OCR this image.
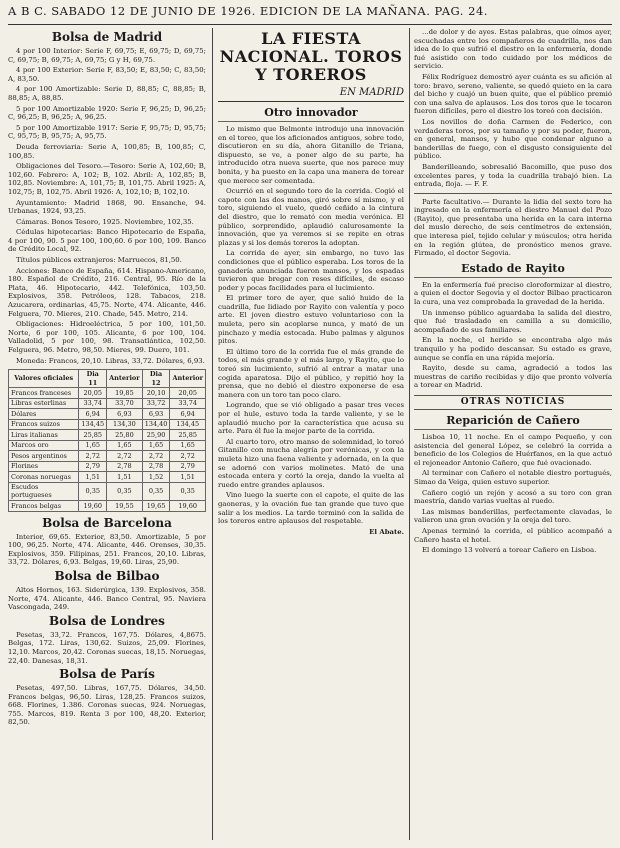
A B C. SABADO 12 DE JUNIO DE 1926. EDICION DE LA MAÑANA. PAG. 24.
Bolsa de Madrid
4 por 100 Interior: Serie F, 69,75; E, 69,75; D, 69,75; C, 69,75; B, 69,75; A, 69,75; G y H, 69,75.
4 por 100 Exterior: Serie F, 83,50; E, 83,50; C, 83,50; A, 83,50.
4 por 100 Amortizable: Serie D, 88,85; C, 88,85; B, 88,85; A, 88,85.
5 por 100 Amortizable 1920: Serie F, 96,25; D, 96,25; C, 96,25; B, 96,25; A, 96,25.
5 por 100 Amortizable 1917: Serie F, 95,75; D, 95,75; C, 95,75; B, 95,75; A, 95,75.
Deuda ferroviaria: Serie A, 100,85; B, 100,85; C, 100,85.
Obligaciones del Tesoro.—Tesoro: Serie A, 102,60; B, 102,60. Febrero: A, 102; B, 102. Abril: A, 102,85; B, 102,85. Noviembre: A, 101,75; B, 101,75. Abril 1925: A, 102,75; B, 102,75. Abril 1926: A, 102,10; B, 102,10.
Ayuntamiento: Madrid 1868, 90. Ensanche, 94. Urbanas, 1924, 93,25.
Cámaras. Bonos Tesoro, 1925. Noviembre, 102,35.
Cédulas hipotecarias: Banco Hipotecario de España, 4 por 100, 90. 5 por 100, 100,60. 6 por 100, 109. Banco de Crédito Local, 92.
Títulos públicos extranjeros: Marruecos, 81,50.
Acciones: Banco de España, 614. Hispano-Americano, 180. Español de Crédito, 216. Central, 95. Río de la Plata, 46. Hipotecario, 442. Telefónica, 103,50. Explosivos, 358. Petróleos, 128. Tabacos, 218. Azucarera, ordinarias, 45,75. Norte, 474. Alicante, 446. Felguera, 70. Mieres, 210. Chade, 545. Metro, 214.
Obligaciones: Hidroeléctrica, 5 por 100, 101,50. Norte, 6 por 100, 105. Alicante, 6 por 100, 104. Valladolid, 5 por 100, 98. Transatlántica, 102,50. Felguera, 96. Metro, 98,50. Mieres, 99. Duero, 101.
Moneda: Francos, 20,10. Libras, 33,72. Dólares, 6,93.
Valores oficiales	Dia 11	Anterior	Dia 12	Anterior
Francos franceses	20,05	19,85	20,10	20,05
Libras esterlinas	33,74	33,70	33,72	33,74
Dólares	6,94	6,93	6,93	6,94
Francos suizos	134,45	134,30	134,40	134,45
Liras italianas	25,85	25,80	25,90	25,85
Marcos oro	1,65	1,65	1,65	1,65
Pesos argentinos	2,72	2,72	2,72	2,72
Florines	2,79	2,78	2,78	2,79
Coronas noruegas	1,51	1,51	1,52	1,51
Escudos portugueses	0,35	0,35	0,35	0,35
Francos belgas	19,60	19,55	19,65	19,60
Bolsa de Barcelona
Interior, 69,65. Exterior, 83,50. Amortizable, 5 por 100, 96,25. Norte, 474. Alicante, 446. Orenses, 30,35. Explosivos, 359. Filipinas, 251. Francos, 20,10. Libras, 33,72. Dólares, 6,93. Belgas, 19,60. Liras, 25,90.
Bolsa de Bilbao
Altos Hornos, 163. Siderúrgica, 139. Explosivos, 358. Norte, 474. Alicante, 446. Banco Central, 95. Naviera Vascongada, 249.
Bolsa de Londres
Pesetas, 33,72. Francos, 167,75. Dólares, 4,8675. Belgas, 172. Liras, 130,62. Suizos, 25,09. Florines, 12,10. Marcos, 20,42. Coronas suecas, 18,15. Noruegas, 22,40. Danesas, 18,31.
Bolsa de París
Pesetas, 497,50. Libras, 167,75. Dólares, 34,50. Francos belgas, 96,50. Liras, 128,25. Francos suizos, 668. Florines, 1.386. Coronas suecas, 924. Noruegas, 755. Marcos, 819. Renta 3 por 100, 48,20. Exterior, 82,50.
LA FIESTA NACIONAL. TOROS Y TOREROS
EN MADRID
Otro innovador
Lo mismo que Belmonte introdujo una innovación en el toreo, que los aficionados antiguos, sobre todo, discutieron en su día, ahora Gitanillo de Triana, dispuesto, se ve, a poner algo de su parte, ha introducido otra nueva suerte, que nos parece muy bonita, y ha puesto en la capa una manera de torear que merece ser comentada.
Ocurrió en el segundo toro de la corrida. Cogió el capote con las dos manos, giró sobre sí mismo, y el toro, siguiendo el vuelo, quedó ceñido a la cintura del diestro, que lo remató con media verónica. El público, sorprendido, aplaudió calurosamente la innovación, que ya veremos si se repite en otras plazas y si los demás toreros la adoptan.
La corrida de ayer, sin embargo, no tuvo las condiciones que el público esperaba. Los toros de la ganadería anunciada fueron mansos, y los espadas tuvieron que bregar con reses difíciles, de escaso poder y pocas facilidades para el lucimiento.
El primer toro de ayer, que salió huido de la cuadrilla, fue lidiado por Rayito con valentía y poco arte. El joven diestro estuvo voluntarioso con la muleta, pero sin acoplarse nunca, y mató de un pinchazo y media estocada. Hubo palmas y algunos pitos.
El último toro de la corrida fue el más grande de todos, el más grande y el más largo, y Rayito, que lo toreó sin lucimiento, sufrió al entrar a matar una cogida aparatosa. Dijo el público, y repitió hoy la prensa, que no debió el diestro exponerse de esa manera con un toro tan poco claro.
Logrando, que se vió obligado a pasar tres veces por el hule, estuvo toda la tarde valiente, y se le aplaudió mucho por la característica que acusa su arte. Para él fue la mejor parte de la corrida.
Al cuarto toro, otro manso de solemnidad, lo toreó Gitanillo con mucha alegría por verónicas, y con la muleta hizo una faena valiente y adornada, en la que se adornó con varios molinetes. Mató de una estocada entera y cortó la oreja, dando la vuelta al ruedo entre grandes aplausos.
Vino luego la suerte con el capote, el quite de las gaoneras, y la ovación fue tan grande que tuvo que salir a los medios. La tarde terminó con la salida de los toreros entre aplausos del respetable.
El Abate.
...de dolor y de ayes. Estas palabras, que oímos ayer, escuchadas entre los compañeros de cuadrilla, nos dan idea de lo que sufrió el diestro en la enfermería, donde fué asistido con todo cuidado por los médicos de servicio.
Félix Rodríguez demostró ayer cuánta es su afición al toro: bravo, sereno, valiente, se quedó quieto en la cara del bicho y cuajó un buen quite, que el público premió con una salva de aplausos. Los dos toros que le tocaron fueron difíciles, pero el diestro los toreó con decisión.
Los novillos de doña Carmen de Federico, con verdaderas toros, por su tamaño y por su poder, fueron, en general, mansos, y hubo que condenar alguno a banderillas de fuego, con el disgusto consiguiente del público.
Banderilleando, sobresalió Bacomillo, que puso dos excelentes pares, y toda la cuadrilla trabajó bien. La entrada, floja. — F. F.
Parte facultativo.— Durante la lidia del sexto toro ha ingresado en la enfermería el diestro Manuel del Pozo (Rayito), que presentaba una herida en la cara interna del muslo derecho, de seis centímetros de extensión, que interesa piel, tejido celular y músculos; otra herida en la región glútea, de pronóstico menos grave. Firmado, el doctor Segovia.
Estado de Rayito
En la enfermería fué preciso cloroformizar al diestro, a quien el doctor Segovia y el doctor Bilbao practicaron la cura, una vez comprobada la gravedad de la herida.
Un inmenso público aguardaba la salida del diestro, que fué trasladado en camilla a su domicilio, acompañado de sus familiares.
En la noche, el herido se encontraba algo más tranquilo y ha podido descansar. Su estado es grave, aunque se confía en una rápida mejoría.
Rayito, desde su cama, agradeció a todos las muestras de cariño recibidas y dijo que pronto volvería a torear en Madrid.
OTRAS NOTICIAS
Reparición de Cañero
Lisboa 10, 11 noche. En el campo Pequeño, y con asistencia del general López, se celebró la corrida a beneficio de los Colegios de Huérfanos, en la que actuó el rejoneador Antonio Cañero, que fué ovacionado.
Al terminar con Cañero el notable diestro portugués, Simao da Veiga, quien estuvo superior.
Cañero cogió un rejón y acosó a su toro con gran maestría, dando varias vueltas al ruedo.
Las mismas banderillas, perfectamente clavadas, le valieron una gran ovación y la oreja del toro.
Apenas terminó la corrida, el público acompañó a Cañero hasta el hotel.
El domingo 13 volverá a torear Cañero en Lisboa.
